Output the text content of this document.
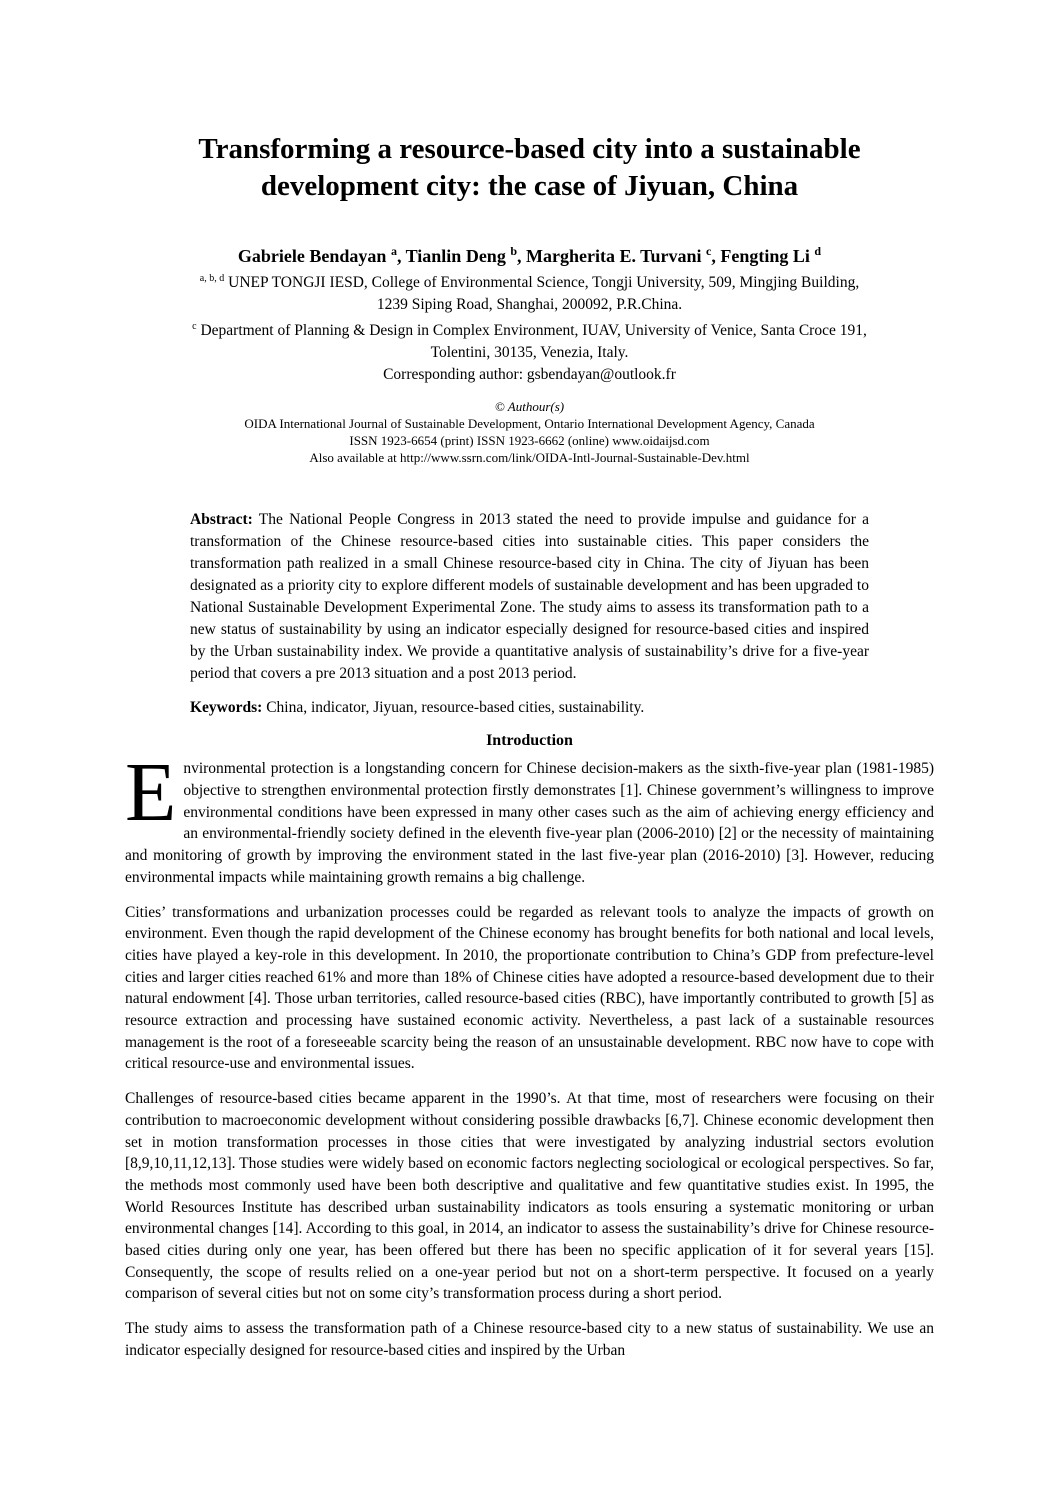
Transforming a resource-based city into a sustainable
development city: the case of Jiyuan, China
Gabriele Bendayan $^a$, Tianlin Deng $^b$, Margherita E. Turvani $^c$, Fengting Li $^d$
$^{a, b, d}$ UNEP TONGJI IESD, College of Environmental Science, Tongji University, 509, Mingjing Building,
1239 Siping Road, Shanghai, 200092, P.R.China.
$^c$ Department of Planning & Design in Complex Environment, IUAV, University of Venice, Santa Croce 191,
Tolentini, 30135, Venezia, Italy.
Corresponding author: gsbendayan@outlook.fr
© Authour(s)
OIDA International Journal of Sustainable Development, Ontario International Development Agency, Canada
ISSN 1923-6654 (print) ISSN 1923-6662 (online) www.oidaijsd.com
Also available at http://www.ssrn.com/link/OIDA-Intl-Journal-Sustainable-Dev.html
Abstract: The National People Congress in 2013 stated the need to provide impulse and guidance for a transformation of the Chinese resource-based cities into sustainable cities. This paper considers the transformation path realized in a small Chinese resource-based city in China. The city of Jiyuan has been designated as a priority city to explore different models of sustainable development and has been upgraded to National Sustainable Development Experimental Zone. The study aims to assess its transformation path to a new status of sustainability by using an indicator especially designed for resource-based cities and inspired by the Urban sustainability index. We provide a quantitative analysis of sustainability’s drive for a five-year period that covers a pre 2013 situation and a post 2013 period.
Keywords: China, indicator, Jiyuan, resource-based cities, sustainability.
Introduction
Environmental protection is a longstanding concern for Chinese decision-makers as the sixth-five-year plan (1981-1985) objective to strengthen environmental protection firstly demonstrates [1]. Chinese government’s willingness to improve environmental conditions have been expressed in many other cases such as the aim of achieving energy efficiency and an environmental-friendly society defined in the eleventh five-year plan (2006-2010) [2] or the necessity of maintaining and monitoring of growth by improving the environment stated in the last five-year plan (2016-2010) [3]. However, reducing environmental impacts while maintaining growth remains a big challenge.
Cities’ transformations and urbanization processes could be regarded as relevant tools to analyze the impacts of growth on environment. Even though the rapid development of the Chinese economy has brought benefits for both national and local levels, cities have played a key-role in this development. In 2010, the proportionate contribution to China’s GDP from prefecture-level cities and larger cities reached 61% and more than 18% of Chinese cities have adopted a resource-based development due to their natural endowment [4]. Those urban territories, called resource-based cities (RBC), have importantly contributed to growth [5] as resource extraction and processing have sustained economic activity. Nevertheless, a past lack of a sustainable resources management is the root of a foreseeable scarcity being the reason of an unsustainable development. RBC now have to cope with critical resource-use and environmental issues.
Challenges of resource-based cities became apparent in the 1990’s. At that time, most of researchers were focusing on their contribution to macroeconomic development without considering possible drawbacks [6,7]. Chinese economic development then set in motion transformation processes in those cities that were investigated by analyzing industrial sectors evolution [8,9,10,11,12,13]. Those studies were widely based on economic factors neglecting sociological or ecological perspectives. So far, the methods most commonly used have been both descriptive and qualitative and few quantitative studies exist. In 1995, the World Resources Institute has described urban sustainability indicators as tools ensuring a systematic monitoring or urban environmental changes [14]. According to this goal, in 2014, an indicator to assess the sustainability’s drive for Chinese resource-based cities during only one year, has been offered but there has been no specific application of it for several years [15]. Consequently, the scope of results relied on a one-year period but not on a short-term perspective. It focused on a yearly comparison of several cities but not on some city’s transformation process during a short period.
The study aims to assess the transformation path of a Chinese resource-based city to a new status of sustainability. We use an indicator especially designed for resource-based cities and inspired by the Urban
